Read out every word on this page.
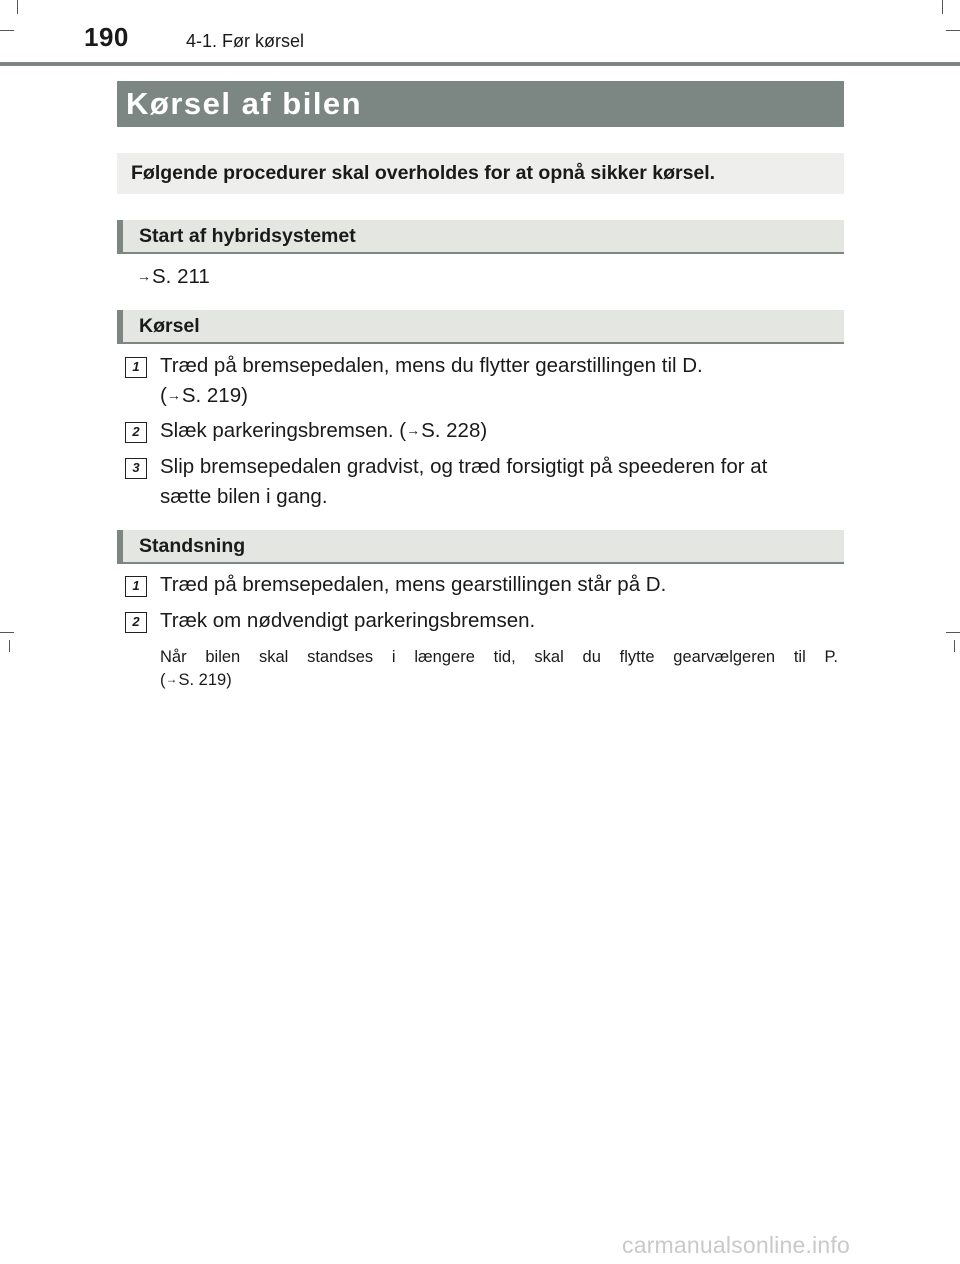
190	4-1. Før kørsel
Kørsel af bilen
Følgende procedurer skal overholdes for at opnå sikker kørsel.
Start af hybridsystemet
→S. 211
Kørsel
1 Træd på bremsepedalen, mens du flytter gearstillingen til D.
(→S. 219)
2 Slæk parkeringsbremsen. (→S. 228)
3 Slip bremsepedalen gradvist, og træd forsigtigt på speederen for at
sætte bilen i gang.
Standsning
1 Træd på bremsepedalen, mens gearstillingen står på D.
2 Træk om nødvendigt parkeringsbremsen.
Når bilen skal standses i længere tid, skal du flytte gearvælgeren til P.
(→S. 219)
carmanualsonline.info
